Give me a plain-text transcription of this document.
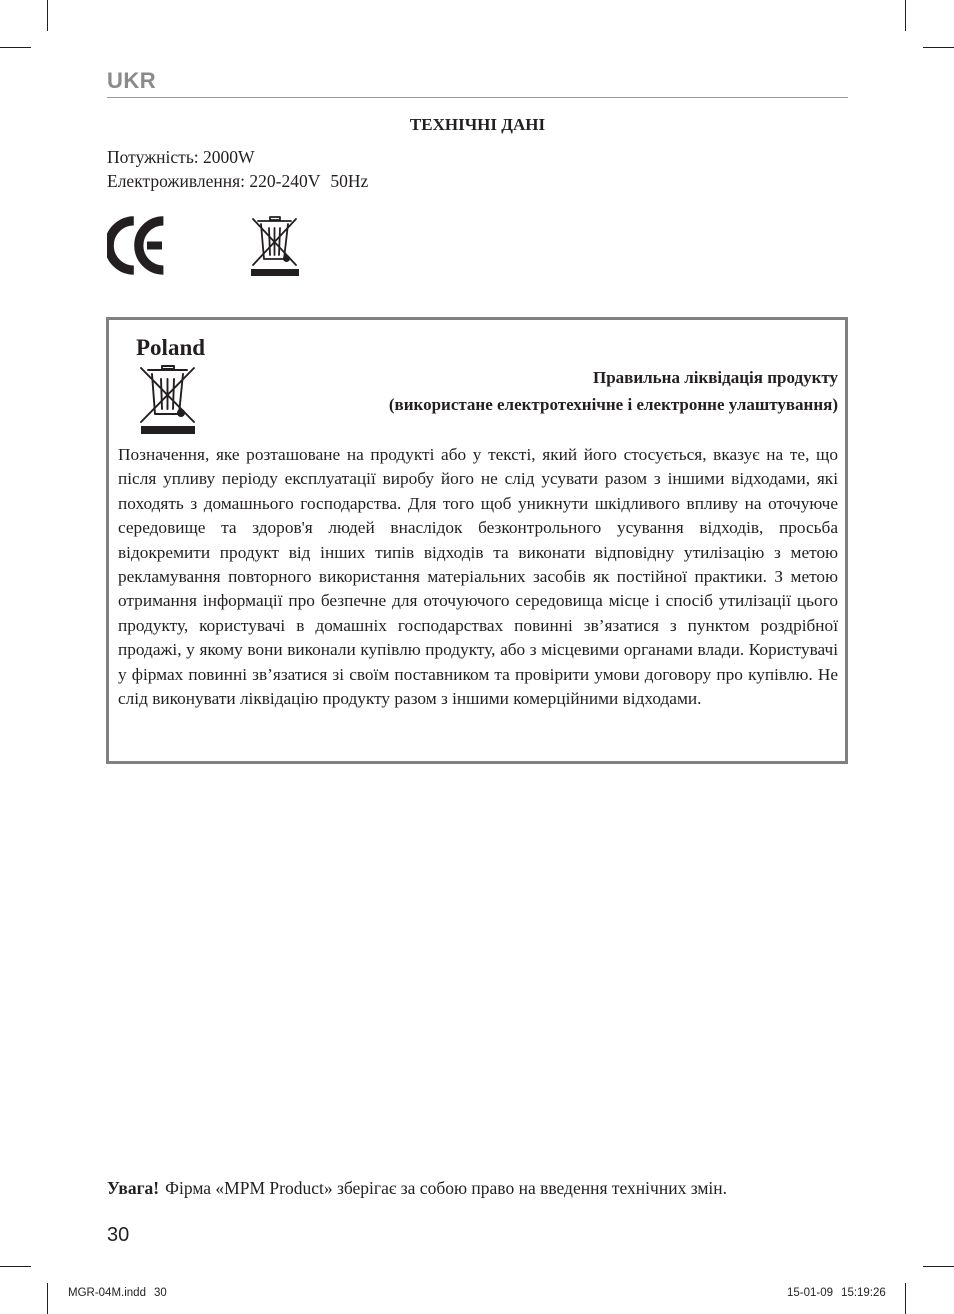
UKR
ТЕХНІЧНІ ДАНІ
Потужність: 2000W
Електроживлення: 220-240V 50Hz
Poland
Правильна ліквідація продукту
(використане електротехнічне і електронне улаштування)

Позначення, яке розташоване на продукті або у тексті, який його стосується, вказує на те, що після упливу періоду експлуатації виробу його не слід усувати разом з іншими відходами, які походять з домашнього господарства. Для того щоб уникнути шкідливого впливу на оточуюче середовище та здоров'я людей внаслідок безконтрольного усування відходів, просьба відокремити продукт від інших типів відходів та виконати відповідну утилізацію з метою рекламування повторного використання матеріальних засобів як постійної практики. З метою отримання інформації про безпечне для оточуючого середовища місце і спосіб утилізації цього продукту, користувачі в домашніх господарствах повинні зв’язатися з пунктом роздрібної продажі, у якому вони виконали купівлю продукту, або з місцевими органами влади. Користувачі у фірмах повинні зв’язатися зі своїм поставником та провірити умови договору про купівлю. Не слід виконувати ліквідацію продукту разом з іншими комерційними відходами.

Увага! Фірма «MPM Product» зберігає за собою право на введення технічних змін.
30
MGR-04M.indd 30	15-01-09 15:19:26
